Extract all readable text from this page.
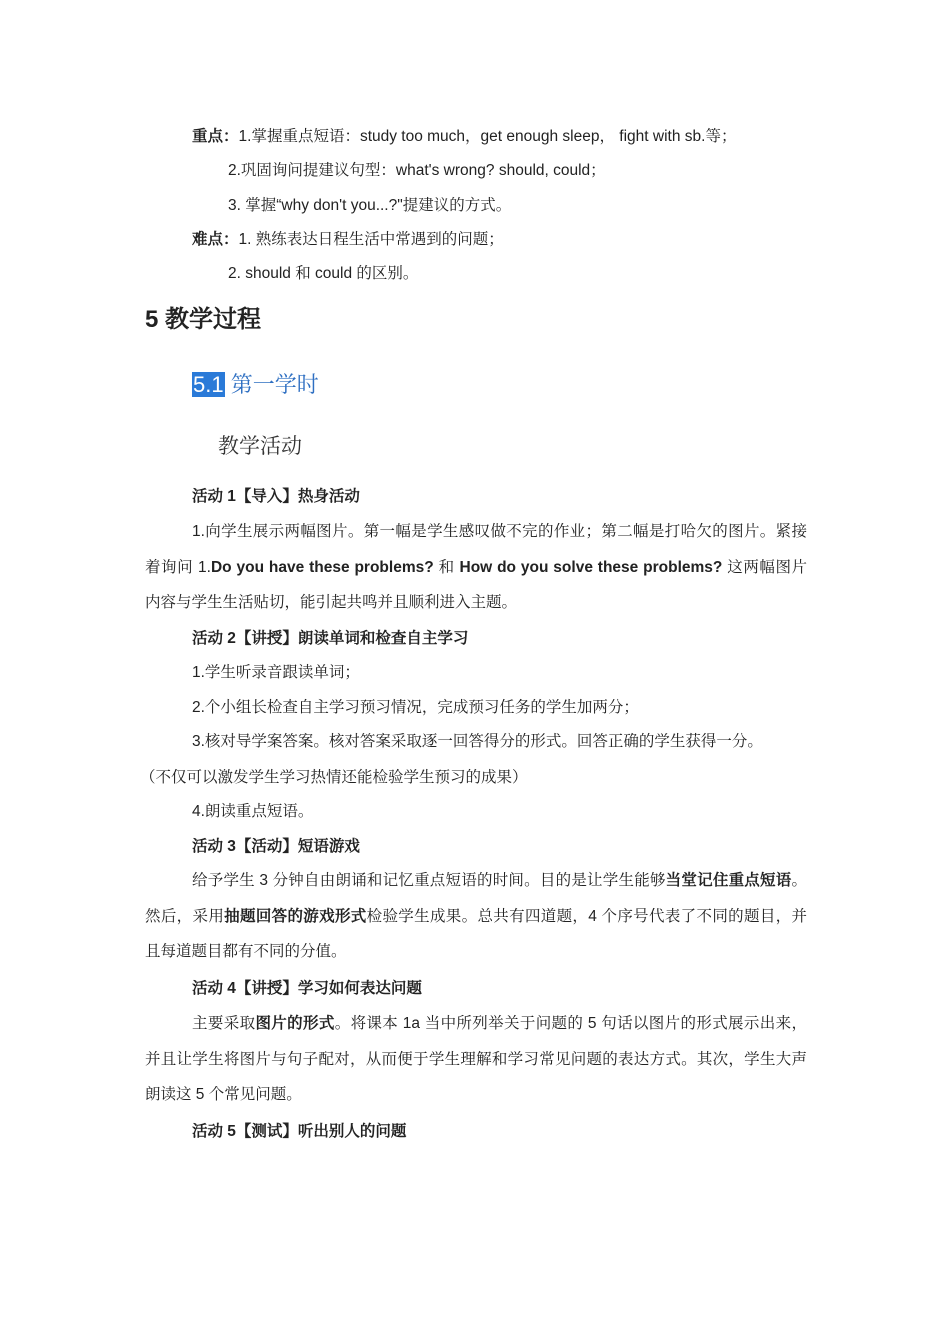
重点：1.掌握重点短语：study too much，get enough sleep， fight with sb.等；
2.巩固询问提建议句型：what's wrong? should, could；
3. 掌握“why don't you...?"提建议的方式。
难点：1. 熟练表达日程生活中常遇到的问题；
2. should 和 could 的区别。
5 教学过程
5.1 第一学时
教学活动
活动 1【导入】热身活动
1.向学生展示两幅图片。第一幅是学生感叹做不完的作业；第二幅是打哈欠的图片。紧接着询问 1.Do you have these problems? 和 How do you solve these problems? 这两幅图片内容与学生生活贴切，能引起共鸣并且顺利进入主题。
活动 2【讲授】朗读单词和检查自主学习
1.学生听录音跟读单词；
2.个小组长检查自主学习预习情况，完成预习任务的学生加两分；
3.核对导学案答案。核对答案采取逐一回答得分的形式。回答正确的学生获得一分。
（不仅可以激发学生学习热情还能检验学生预习的成果）
4.朗读重点短语。
活动 3【活动】短语游戏
给予学生 3 分钟自由朗诵和记忆重点短语的时间。目的是让学生能够当堂记住重点短语。然后，采用抽题回答的游戏形式检验学生成果。总共有四道题，4 个序号代表了不同的题目，并且每道题目都有不同的分值。
活动 4【讲授】学习如何表达问题
主要采取图片的形式。将课本 1a 当中所列举关于问题的 5 句话以图片的形式展示出来，并且让学生将图片与句子配对，从而便于学生理解和学习常见问题的表达方式。其次，学生大声朗读这 5 个常见问题。
活动 5【测试】听出别人的问题
